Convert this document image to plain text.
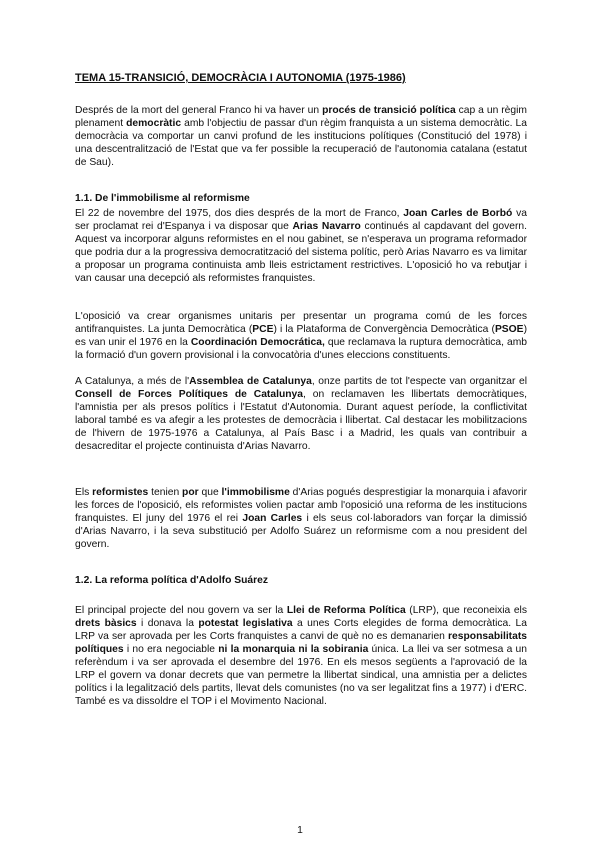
TEMA 15-TRANSICIÓ, DEMOCRÀCIA I AUTONOMIA (1975-1986)

Després de la mort del general Franco hi va haver un procés de transició política cap a un règim plenament democràtic amb l'objectiu de passar d'un règim franquista a un sistema democràtic. La democràcia va comportar un canvi profund de les institucions polítiques (Constitució del 1978) i una descentralització de l'Estat que va fer possible la recuperació de l'autonomia catalana (estatut de Sau).

1.1. De l'immobilisme al reformisme

El 22 de novembre del 1975, dos dies després de la mort de Franco, Joan Carles de Borbó va ser proclamat rei d'Espanya i va disposar que Arias Navarro continués al capdavant del govern. Aquest va incorporar alguns reformistes en el nou gabinet, se n'esperava un programa reformador que podria dur a la progressiva democratització del sistema polític, però Arias Navarro es va limitar a proposar un programa continuista amb lleis estrictament restrictives. L'oposició ho va rebutjar i van causar una decepció als reformistes franquistes.

L'oposició va crear organismes unitaris per presentar un programa comú de les forces antifranquistes. La junta Democràtica (PCE) i la Plataforma de Convergència Democràtica (PSOE) es van unir el 1976 en la Coordinación Democrática, que reclamava la ruptura democràtica, amb la formació d'un govern provisional i la convocatòria d'unes eleccions constituents.

A Catalunya, a més de l'Assemblea de Catalunya, onze partits de tot l'especte van organitzar el Consell de Forces Polítiques de Catalunya, on reclamaven les llibertats democràtiques, l'amnistia per als presos polítics i l'Estatut d'Autonomia. Durant aquest període, la conflictivitat laboral també es va afegir a les protestes de democràcia i llibertat. Cal destacar les mobilitzacions de l'hivern de 1975-1976 a Catalunya, al País Basc i a Madrid, les quals van contribuir a desacreditar el projecte continuista d'Arias Navarro.

Els reformistes tenien por que l'immobilisme d'Arias pogués desprestigiar la monarquia i afavorir les forces de l'oposició, els reformistes volien pactar amb l'oposició una reforma de les institucions franquistes. El juny del 1976 el rei Joan Carles i els seus col·laboradors van forçar la dimissió d'Arias Navarro, i la seva substitució per Adolfo Suárez un reformisme com a nou president del govern.

1.2. La reforma política d'Adolfo Suárez

El principal projecte del nou govern va ser la Llei de Reforma Política (LRP), que reconeixia els drets bàsics i donava la potestat legislativa a unes Corts elegides de forma democràtica. La LRP va ser aprovada per les Corts franquistes a canvi de què no es demanarien responsabilitats polítiques i no era negociable ni la monarquia ni la sobirania única. La llei va ser sotmesa a un referèndum i va ser aprovada el desembre del 1976. En els mesos següents a l'aprovació de la LRP el govern va donar decrets que van permetre la llibertat sindical, una amnistia per a delictes polítics i la legalització dels partits, llevat dels comunistes (no va ser legalitzat fins a 1977) i d'ERC. També es va dissoldre el TOP i el Movimento Nacional.

1
